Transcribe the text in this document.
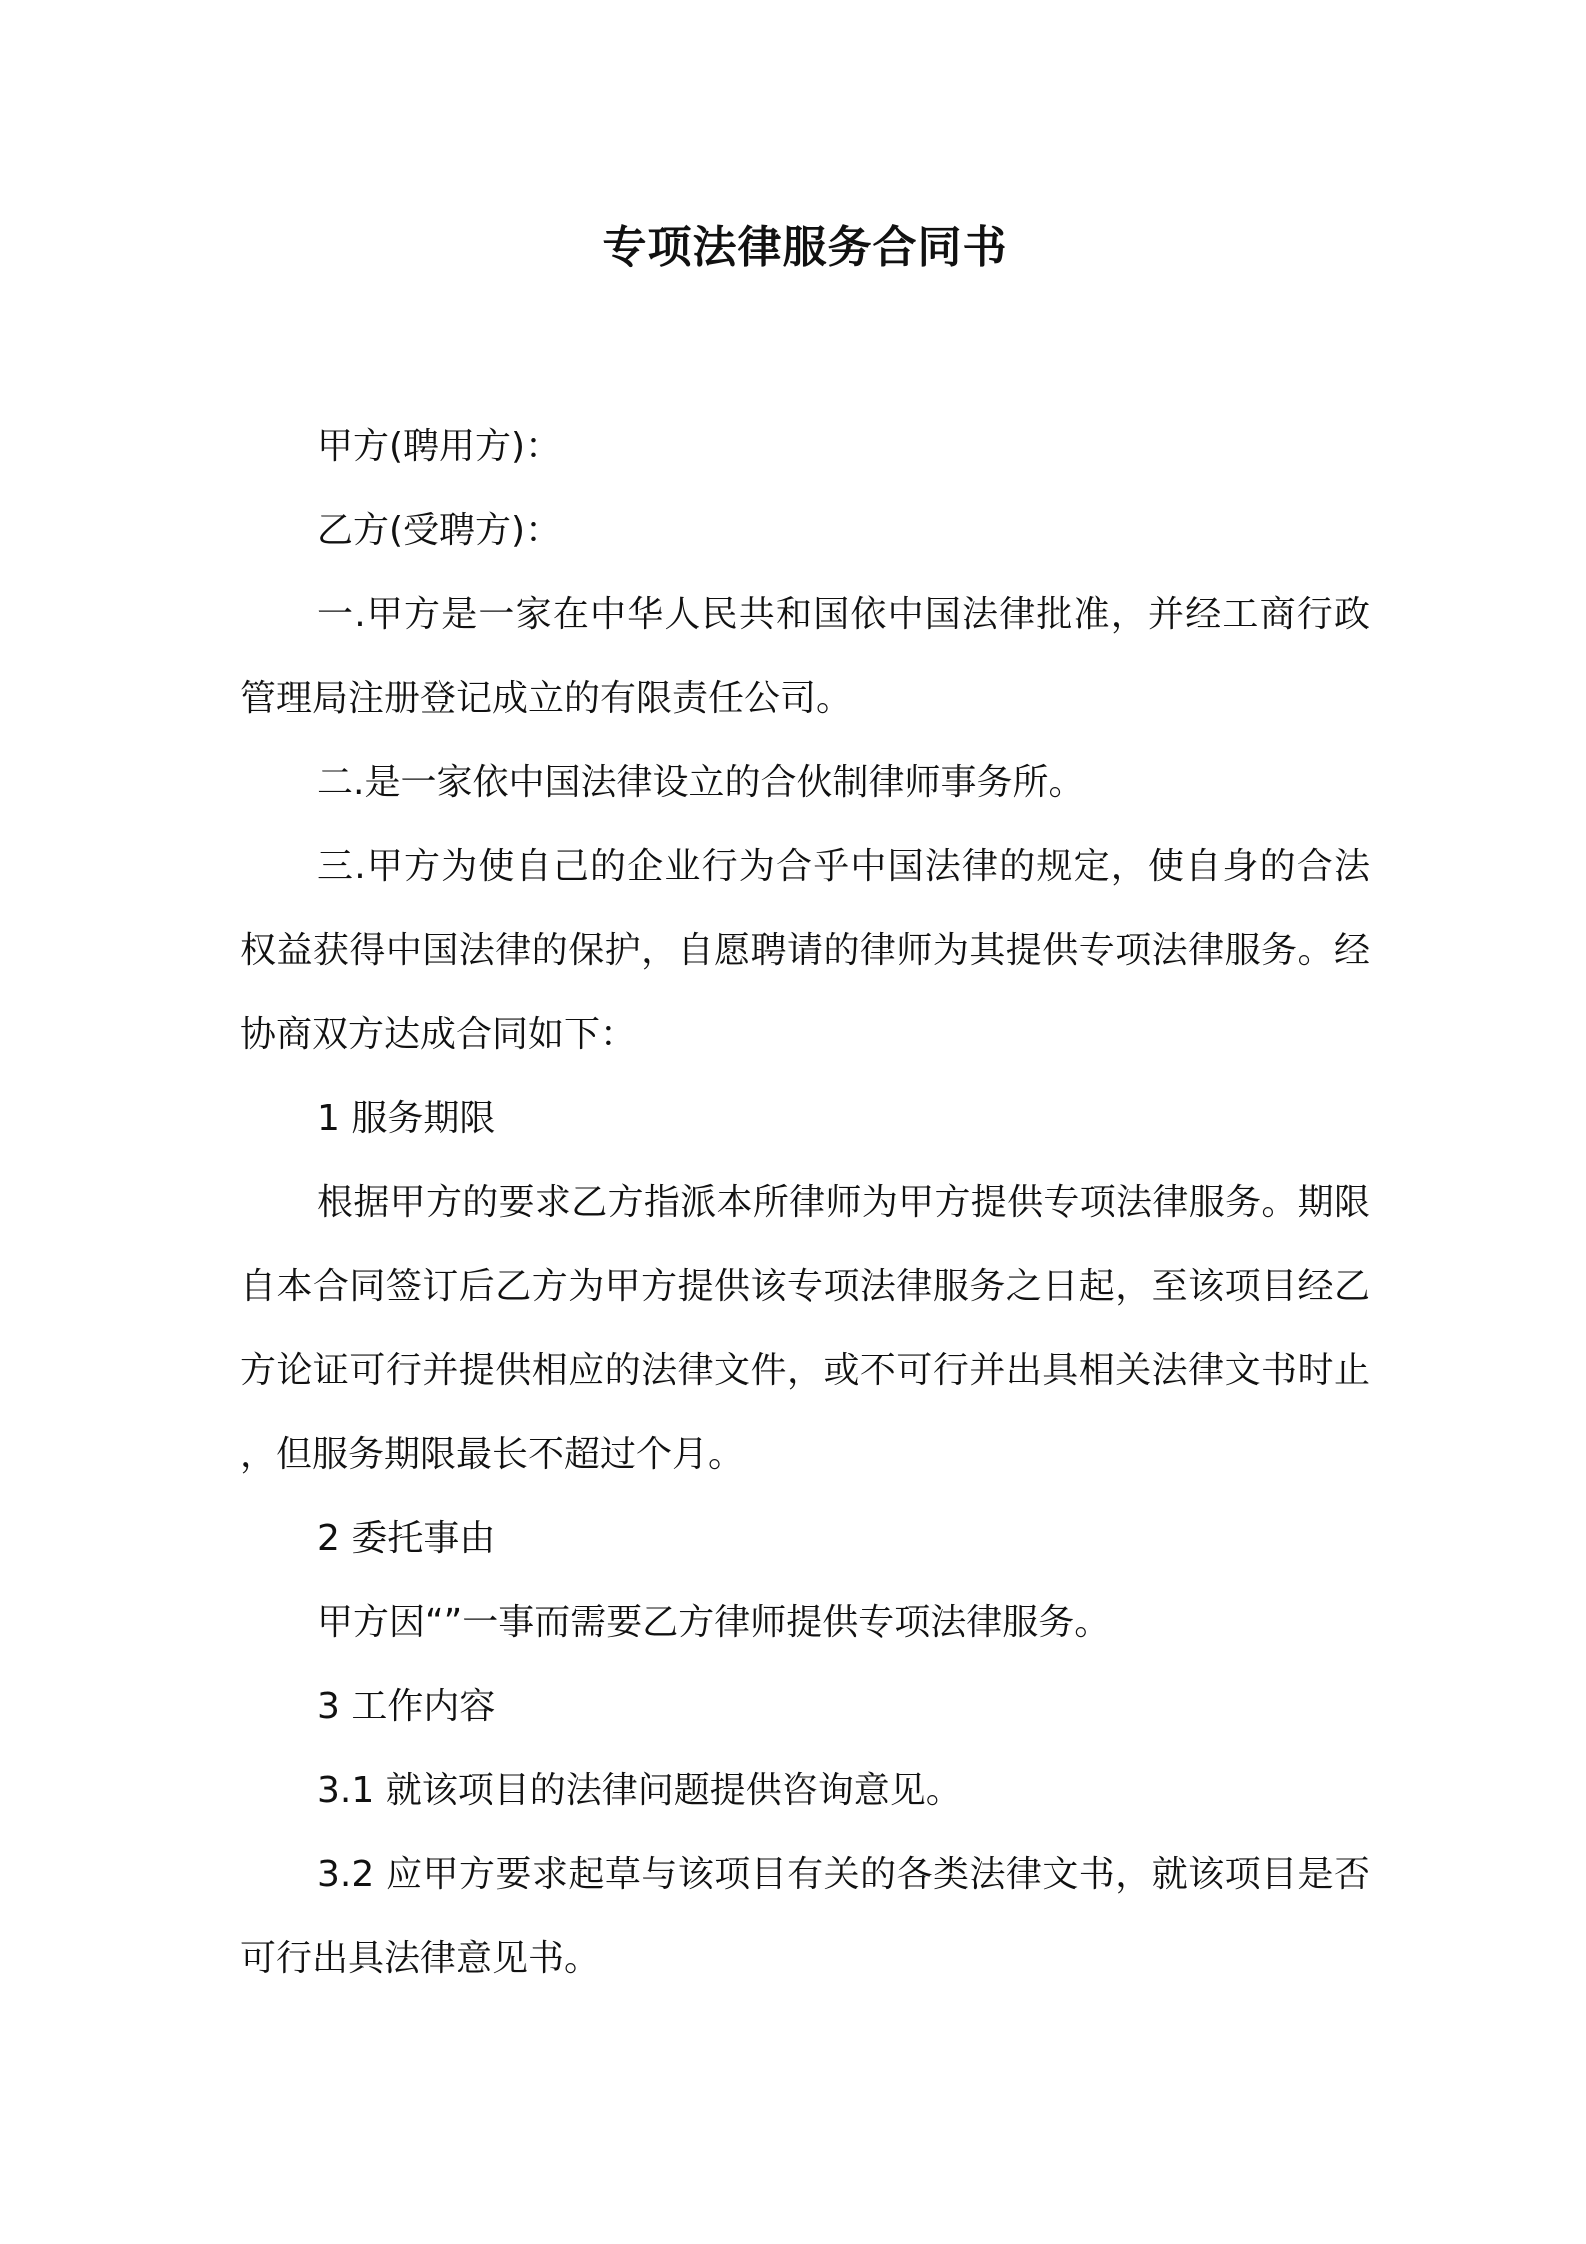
专项法律服务合同书

甲方(聘用方)：

乙方(受聘方)：

一.甲方是一家在中华人民共和国依中国法律批准，并经工商行政管理局注册登记成立的有限责任公司。

二.是一家依中国法律设立的合伙制律师事务所。

三.甲方为使自己的企业行为合乎中国法律的规定，使自身的合法权益获得中国法律的保护，自愿聘请的律师为其提供专项法律服务。经协商双方达成合同如下：

1 服务期限

根据甲方的要求乙方指派本所律师为甲方提供专项法律服务。期限自本合同签订后乙方为甲方提供该专项法律服务之日起，至该项目经乙方论证可行并提供相应的法律文件，或不可行并出具相关法律文书时止，但服务期限最长不超过个月。

2 委托事由

甲方因“”一事而需要乙方律师提供专项法律服务。

3 工作内容

3.1 就该项目的法律问题提供咨询意见。

3.2 应甲方要求起草与该项目有关的各类法律文书，就该项目是否可行出具法律意见书。
